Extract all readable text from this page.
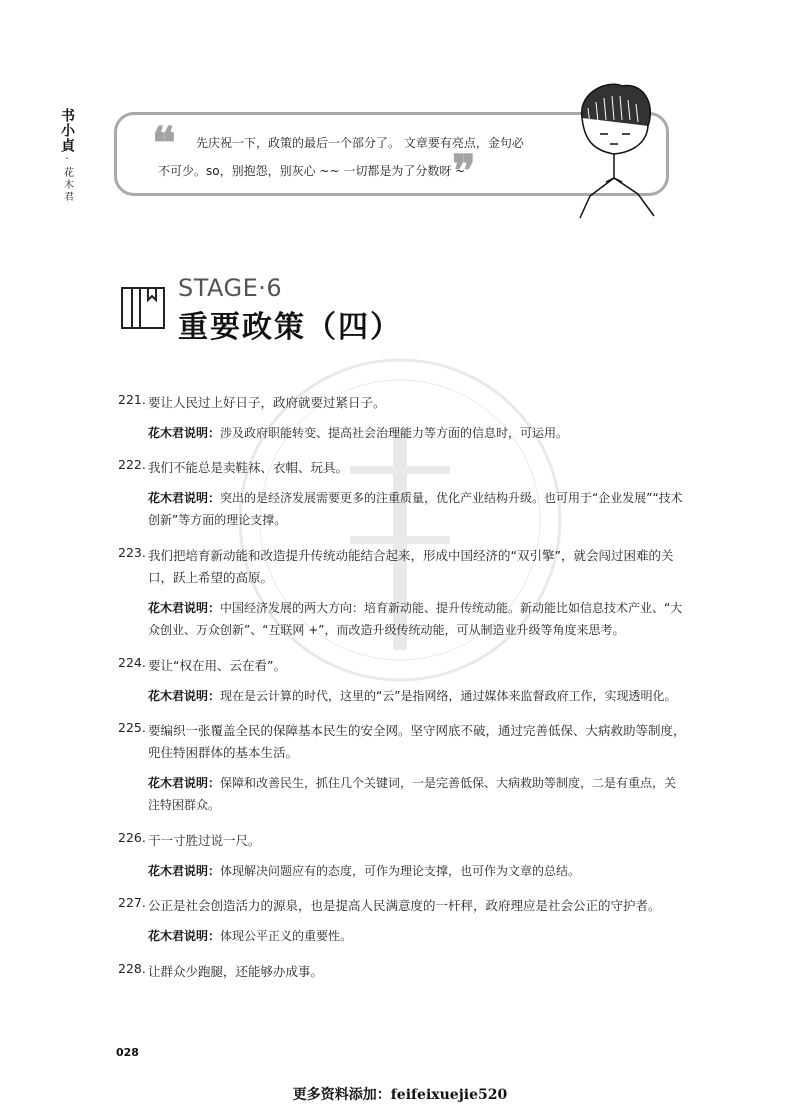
书小貞
·
花木君
❝ 先庆祝一下，政策的最后一个部分了。 文章要有亮点，金句必
不可少。so，别抱怨，别灰心 ~~ 一切都是为了分数呀 ~
❞
STAGE·6
重要政策（四）
221. 要让人民过上好日子，政府就要过紧日子。
花木君说明：涉及政府职能转变、提高社会治理能力等方面的信息时，可运用。
222. 我们不能总是卖鞋袜、衣帽、玩具。
花木君说明：突出的是经济发展需要更多的注重质量，优化产业结构升级。也可用于“企业发展”“技术创新”等方面的理论支撑。
223. 我们把培育新动能和改造提升传统动能结合起来，形成中国经济的“双引擎”，就会闯过困难的关口，跃上希望的高原。
花木君说明：中国经济发展的两大方向：培育新动能、提升传统动能。新动能比如信息技术产业、“大众创业、万众创新”、“互联网 +”，而改造升级传统动能，可从制造业升级等角度来思考。
224. 要让“权在用、云在看”。
花木君说明：现在是云计算的时代，这里的“云”是指网络，通过媒体来监督政府工作，实现透明化。
225. 要编织一张覆盖全民的保障基本民生的安全网。坚守网底不破，通过完善低保、大病救助等制度，兜住特困群体的基本生活。
花木君说明：保障和改善民生，抓住几个关键词，一是完善低保、大病救助等制度，二是有重点，关注特困群众。
226. 干一寸胜过说一尺。
花木君说明：体现解决问题应有的态度，可作为理论支撑，也可作为文章的总结。
227. 公正是社会创造活力的源泉，也是提高人民满意度的一杆秤，政府理应是社会公正的守护者。
花木君说明：体现公平正义的重要性。
228. 让群众少跑腿，还能够办成事。
028
更多资料添加：feifeixuejie520
